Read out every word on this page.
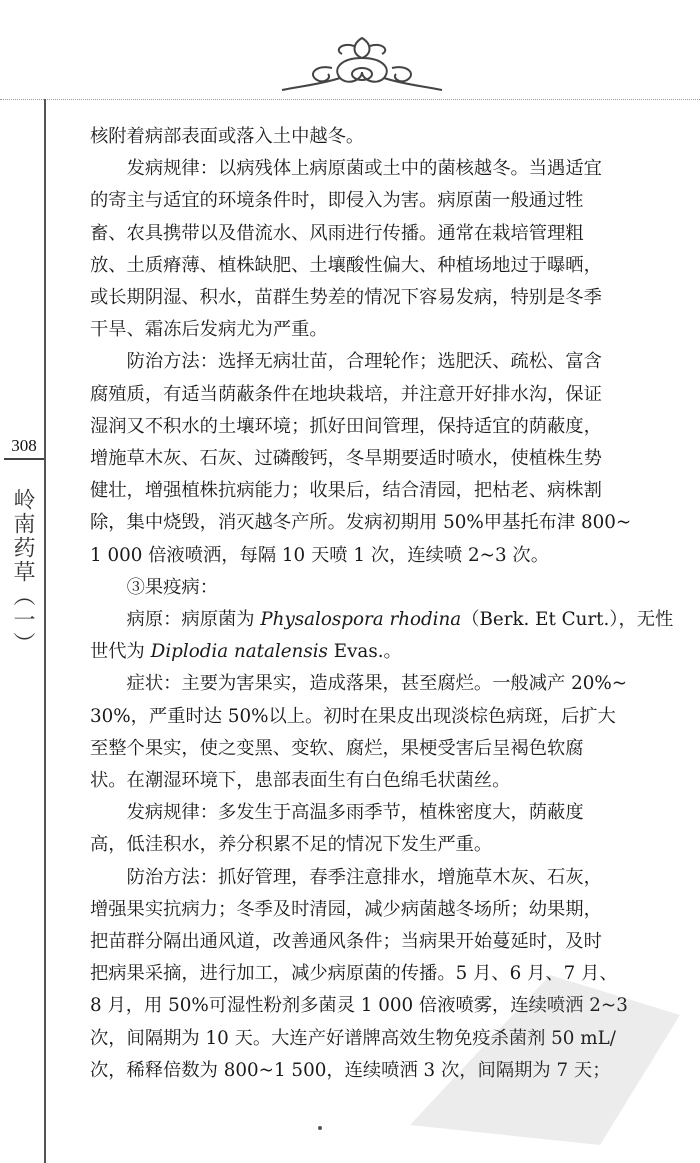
308
岭南药草（一）

核附着病部表面或落入土中越冬。

发病规律：以病残体上病原菌或土中的菌核越冬。当遇适宜

的寄主与适宜的环境条件时，即侵入为害。病原菌一般通过牲

畜、农具携带以及借流水、风雨进行传播。通常在栽培管理粗

放、土质瘠薄、植株缺肥、土壤酸性偏大、种植场地过于曝晒，

或长期阴湿、积水，苗群生势差的情况下容易发病，特别是冬季

干旱、霜冻后发病尤为严重。

防治方法：选择无病壮苗，合理轮作；选肥沃、疏松、富含

腐殖质，有适当荫蔽条件在地块栽培，并注意开好排水沟，保证

湿润又不积水的土壤环境；抓好田间管理，保持适宜的荫蔽度，

增施草木灰、石灰、过磷酸钙，冬旱期要适时喷水，使植株生势

健壮，增强植株抗病能力；收果后，结合清园，把枯老、病株割

除，集中烧毁，消灭越冬产所。发病初期用 50%甲基托布津 800~

1 000 倍液喷洒，每隔 10 天喷 1 次，连续喷 2~3 次。

③果疫病：

病原：病原菌为 Physalospora rhodina（Berk. Et Curt.），无性

世代为 Diplodia natalensis Evas.。

症状：主要为害果实，造成落果，甚至腐烂。一般减产 20%~

30%，严重时达 50%以上。初时在果皮出现淡棕色病斑，后扩大

至整个果实，使之变黑、变软、腐烂，果梗受害后呈褐色软腐

状。在潮湿环境下，患部表面生有白色绵毛状菌丝。

发病规律：多发生于高温多雨季节，植株密度大，荫蔽度

高，低洼积水，养分积累不足的情况下发生严重。

防治方法：抓好管理，春季注意排水，增施草木灰、石灰，

增强果实抗病力；冬季及时清园，减少病菌越冬场所；幼果期，

把苗群分隔出通风道，改善通风条件；当病果开始蔓延时，及时

把病果采摘，进行加工，减少病原菌的传播。5 月、6 月、7 月、

8 月，用 50%可湿性粉剂多菌灵 1 000 倍液喷雾，连续喷洒 2~3

次，间隔期为 10 天。大连产好谱牌高效生物免疫杀菌剂 50 mL/

次，稀释倍数为 800~1 500，连续喷洒 3 次，间隔期为 7 天；
